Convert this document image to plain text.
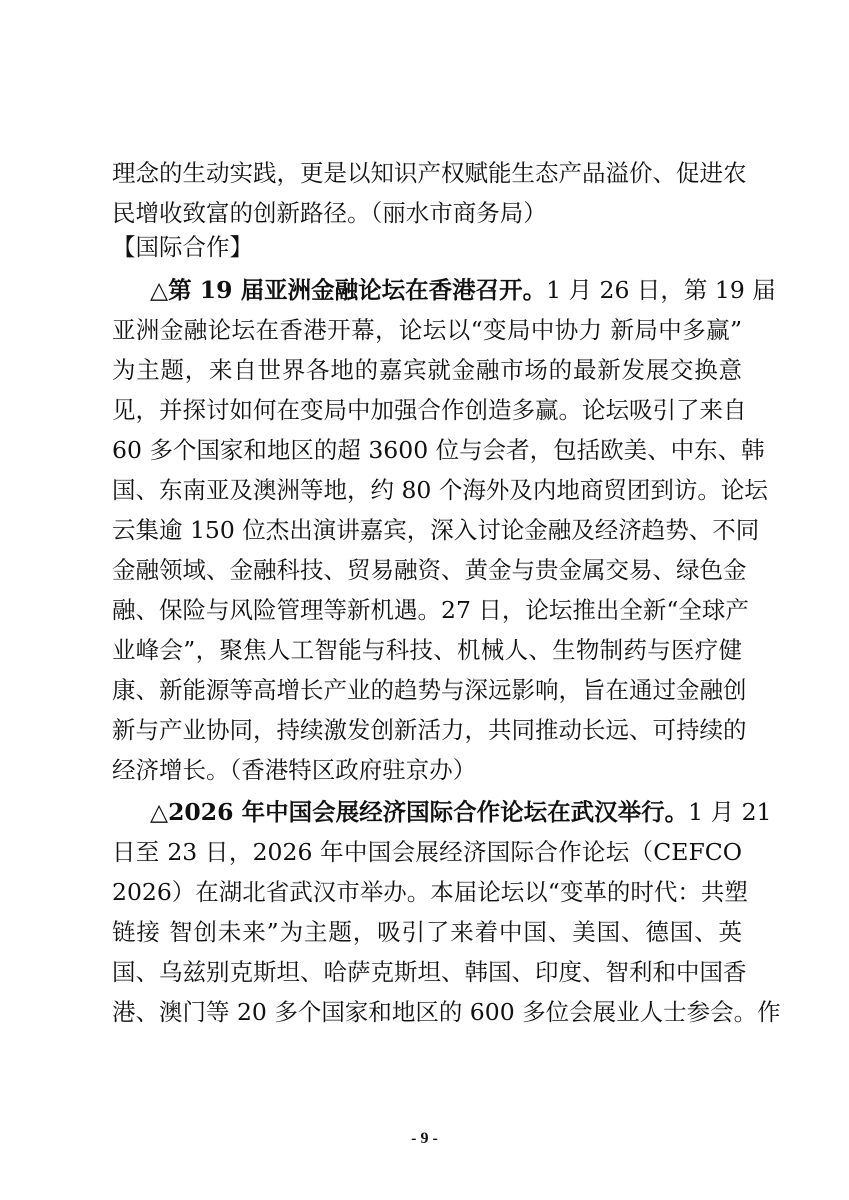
理念的生动实践，更是以知识产权赋能生态产品溢价、促进农
民增收致富的创新路径。（丽水市商务局）
【国际合作】
△第 19 届亚洲金融论坛在香港召开。1 月 26 日，第 19 届
亚洲金融论坛在香港开幕，论坛以“变局中协力 新局中多赢”
为主题，来自世界各地的嘉宾就金融市场的最新发展交换意
见，并探讨如何在变局中加强合作创造多赢。论坛吸引了来自
60 多个国家和地区的超 3600 位与会者，包括欧美、中东、韩
国、东南亚及澳洲等地，约 80 个海外及内地商贸团到访。论坛
云集逾 150 位杰出演讲嘉宾，深入讨论金融及经济趋势、不同
金融领域、金融科技、贸易融资、黄金与贵金属交易、绿色金
融、保险与风险管理等新机遇。27 日，论坛推出全新“全球产
业峰会”，聚焦人工智能与科技、机械人、生物制药与医疗健
康、新能源等高增长产业的趋势与深远影响，旨在通过金融创
新与产业协同，持续激发创新活力，共同推动长远、可持续的
经济增长。（香港特区政府驻京办）
△2026 年中国会展经济国际合作论坛在武汉举行。1 月 21
日至 23 日，2026 年中国会展经济国际合作论坛（CEFCO
2026）在湖北省武汉市举办。本届论坛以“变革的时代：共塑
链接 智创未来”为主题，吸引了来着中国、美国、德国、英
国、乌兹别克斯坦、哈萨克斯坦、韩国、印度、智利和中国香
港、澳门等 20 多个国家和地区的 600 多位会展业人士参会。作
- 9 -
